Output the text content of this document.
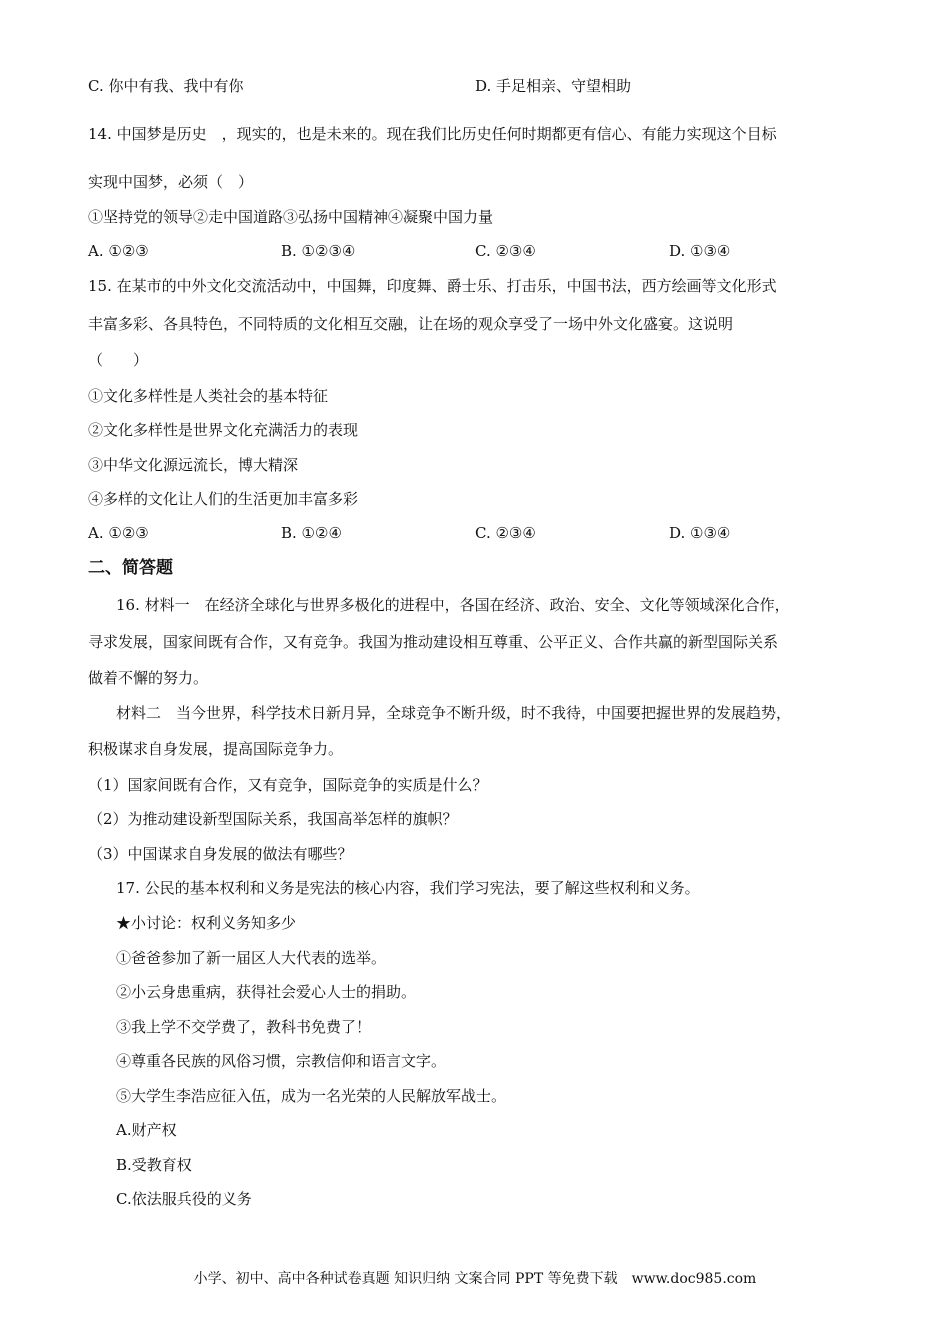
C. 你中有我、我中有你	D. 手足相亲、守望相助
14. 中国梦是历史　，现实的，也是未来的。现在我们比历史任何时期都更有信心、有能力实现这个目标
实现中国梦，必须（　）
①坚持党的领导②走中国道路③弘扬中国精神④凝聚中国力量
A. ①②③	B. ①②③④	C. ②③④	D. ①③④
15. 在某市的中外文化交流活动中，中国舞，印度舞、爵士乐、打击乐，中国书法，西方绘画等文化形式
丰富多彩、各具特色，不同特质的文化相互交融，让在场的观众享受了一场中外文化盛宴。这说明
（　　）
①文化多样性是人类社会的基本特征
②文化多样性是世界文化充满活力的表现
③中华文化源远流长，博大精深
④多样的文化让人们的生活更加丰富多彩
A. ①②③	B. ①②④	C. ②③④	D. ①③④
二、简答题
16. 材料一　在经济全球化与世界多极化的进程中，各国在经济、政治、安全、文化等领域深化合作，
寻求发展，国家间既有合作，又有竞争。我国为推动建设相互尊重、公平正义、合作共赢的新型国际关系
做着不懈的努力。
材料二　当今世界，科学技术日新月异，全球竞争不断升级，时不我待，中国要把握世界的发展趋势，
积极谋求自身发展，提高国际竞争力。
（1）国家间既有合作，又有竞争，国际竞争的实质是什么？
（2）为推动建设新型国际关系，我国高举怎样的旗帜？
（3）中国谋求自身发展的做法有哪些？
17. 公民的基本权利和义务是宪法的核心内容，我们学习宪法，要了解这些权利和义务。
★小讨论：权利义务知多少
①爸爸参加了新一届区人大代表的选举。
②小云身患重病，获得社会爱心人士的捐助。
③我上学不交学费了，教科书免费了！
④尊重各民族的风俗习惯，宗教信仰和语言文字。
⑤大学生李浩应征入伍，成为一名光荣的人民解放军战士。
A.财产权
B.受教育权
C.依法服兵役的义务
小学、初中、高中各种试卷真题 知识归纳 文案合同 PPT 等免费下载　www.doc985.com
